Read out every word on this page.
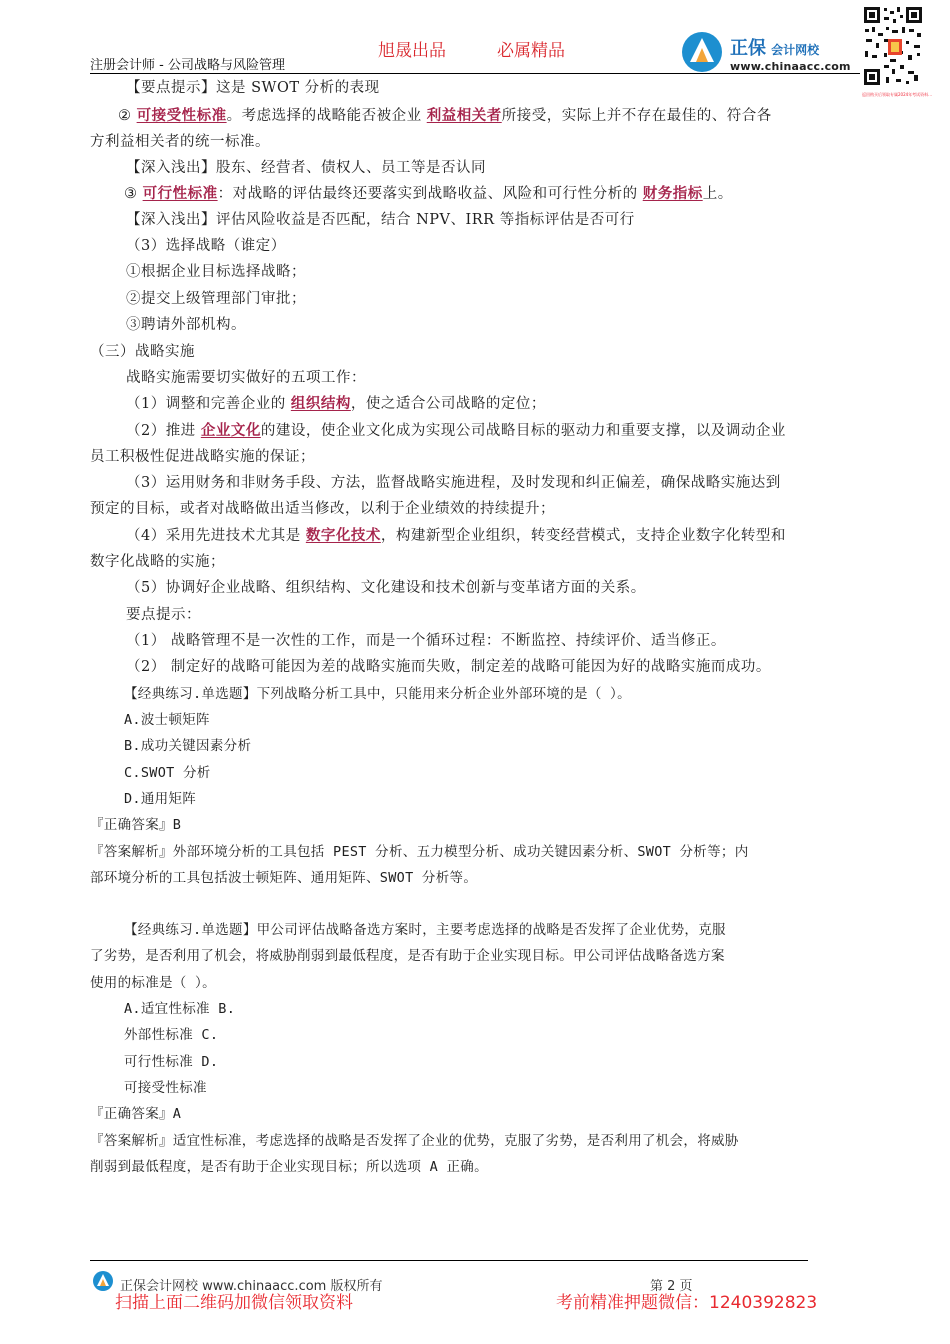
旭晟出品	必属精品
注册会计师 - 公司战略与风险管理
正保 会计网校
www.chinaacc.com
返回购买后领取专属2024年考试资料…
【要点提示】这是 SWOT 分析的表现
② 可接受性标准。考虑选择的战略能否被企业 利益相关者所接受，实际上并不存在最佳的、符合各
方利益相关者的统一标准。
【深入浅出】股东、经营者、债权人、员工等是否认同
③ 可行性标准：对战略的评估最终还要落实到战略收益、风险和可行性分析的 财务指标上。
【深入浅出】评估风险收益是否匹配，结合 NPV、IRR 等指标评估是否可行
（3）选择战略（谁定）
①根据企业目标选择战略；
②提交上级管理部门审批；
③聘请外部机构。
（三）战略实施
战略实施需要切实做好的五项工作：
（1）调整和完善企业的 组织结构，使之适合公司战略的定位；
（2）推进 企业文化的建设，使企业文化成为实现公司战略目标的驱动力和重要支撑，以及调动企业
员工积极性促进战略实施的保证；
（3）运用财务和非财务手段、方法，监督战略实施进程，及时发现和纠正偏差，确保战略实施达到
预定的目标，或者对战略做出适当修改，以利于企业绩效的持续提升；
（4）采用先进技术尤其是 数字化技术，构建新型企业组织，转变经营模式，支持企业数字化转型和
数字化战略的实施；
（5）协调好企业战略、组织结构、文化建设和技术创新与变革诸方面的关系。
要点提示：
（1） 战略管理不是一次性的工作，而是一个循环过程：不断监控、持续评价、适当修正。
（2） 制定好的战略可能因为差的战略实施而失败，制定差的战略可能因为好的战略实施而成功。
【经典练习.单选题】下列战略分析工具中，只能用来分析企业外部环境的是（ ）。
A.波士顿矩阵
B.成功关键因素分析
C.SWOT 分析
D.通用矩阵
『正确答案』B
『答案解析』外部环境分析的工具包括 PEST 分析、五力模型分析、成功关键因素分析、SWOT 分析等；内
部环境分析的工具包括波士顿矩阵、通用矩阵、SWOT 分析等。
【经典练习.单选题】甲公司评估战略备选方案时，主要考虑选择的战略是否发挥了企业优势，克服
了劣势，是否利用了机会，将威胁削弱到最低程度，是否有助于企业实现目标。甲公司评估战略备选方案
使用的标准是（ ）。
A.适宜性标准 B.
外部性标准 C.
可行性标准 D.
可接受性标准
『正确答案』A
『答案解析』适宜性标准，考虑选择的战略是否发挥了企业的优势，克服了劣势，是否利用了机会，将威胁
削弱到最低程度，是否有助于企业实现目标；所以选项 A 正确。
正保会计网校 www.chinaacc.com 版权所有	第 2 页
扫描上面二维码加微信领取资料	考前精准押题微信：1240392823
